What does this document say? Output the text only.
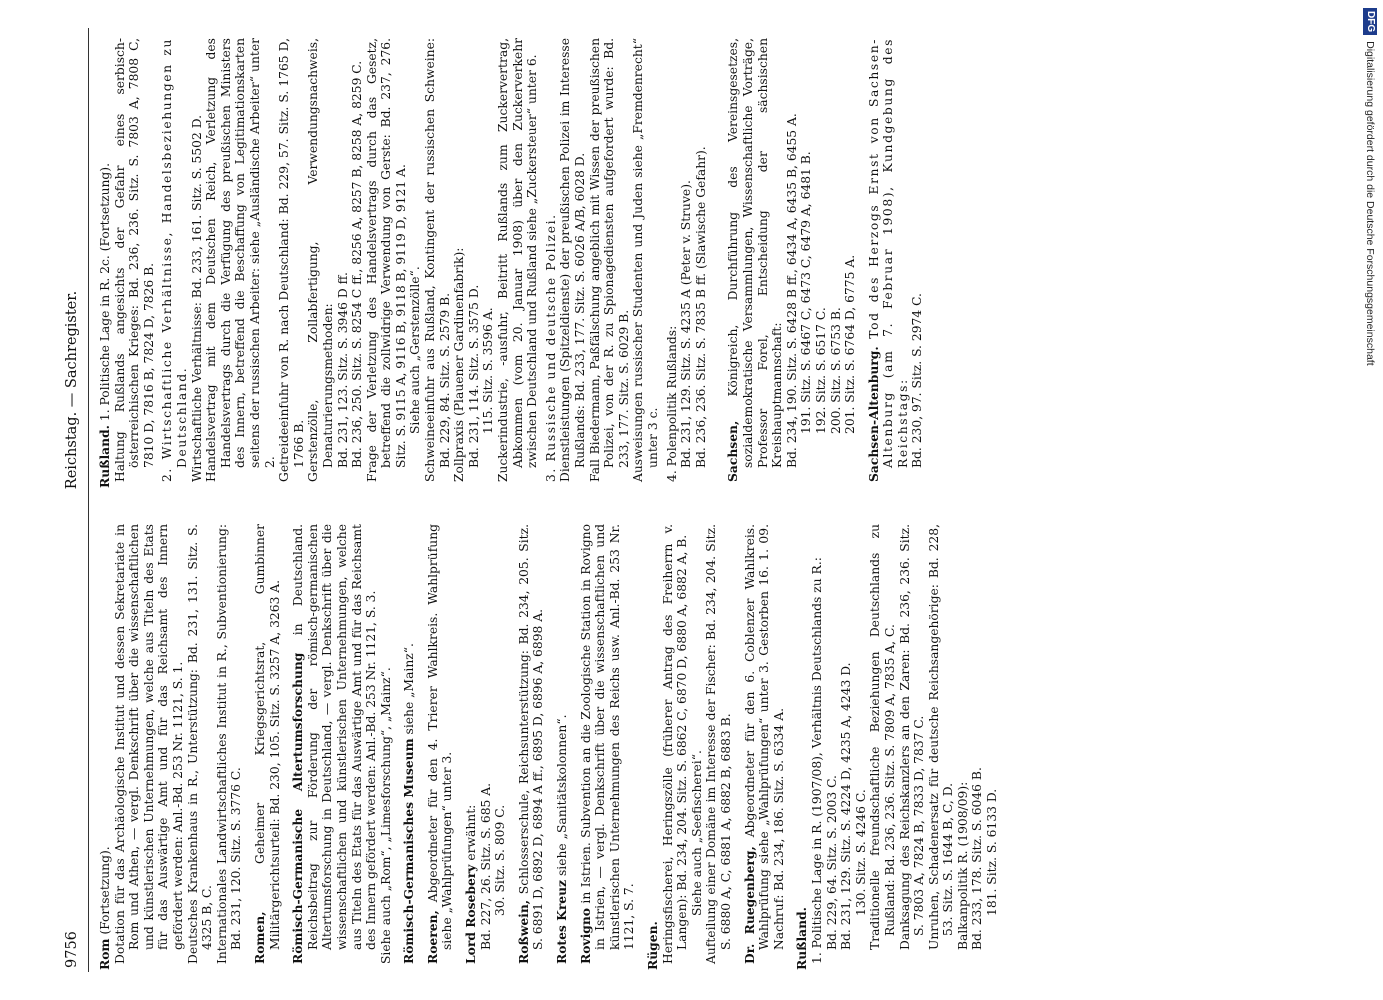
9756
Reichstag. — Sachregister.

Rom (Fortsetzung). Dotation für das Archäologische Institut und dessen Sekretariate in Rom und Athen, — vergl. Denkschrift über die wissenschaftlichen und künstlerischen Unternehmungen, welche aus Titeln des Etats für das Auswärtige Amt und für das Reichsamt des Innern gefördert werden: Anl.-Bd. 253 Nr. 1121, S. 1. Deutsches Krankenhaus in R., Unterstützung: Bd. 231, 131. Sitz. S. 4325 B, C. Internationales Landwirtschaftliches Institut in R., Subventionierung: Bd. 231, 120. Sitz. S. 3776 C. Romen, Geheimer Kriegsgerichtsrat, Gumbinner Militärgerichtsurteil: Bd. 230, 105. Sitz. S. 3257 A, 3263 A. Römisch-Germanische Altertumsforschung in Deutschland. Reichsbeitrag zur Förderung der römisch-germanischen Altertumsforschung in Deutschland, — vergl. Denkschrift über die wissenschaftlichen und künstlerischen Unternehmungen, welche aus Titeln des Etats für das Auswärtige Amt und für das Reichsamt des Innern gefördert werden: Anl.-Bd. 253 Nr. 1121, S. 3. Siehe auch „Rom“, „Limesforschung“, „Mainz“. Römisch-Germanisches Museum siehe „Mainz“.

Roeren, Abgeordneter für den 4. Trierer Wahlkreis. Wahlprüfung siehe „Wahlprüfungen“ unter 3. Lord Rosebery erwähnt: Bd. 227, 26. Sitz. S. 685 A. 30. Sitz. S. 809 C.

Roßwein, Schlosserschule, Reichsunterstützung: Bd. 234, 205. Sitz. S. 6891 D, 6892 D, 6894 A ff., 6895 D, 6896 A, 6898 A. Rotes Kreuz siehe „Sanitätskolonnen“.

Rovigno in Istrien. Subvention an die Zoologische Station in Rovigno in Istrien, — vergl. Denkschrift über die wissenschaftlichen und künstlerischen Unternehmungen des Reichs usw. Anl.-Bd. 253 Nr. 1121, S. 7. Rügen. Heringsfischerei, Heringszölle (früherer Antrag des Freiherrn v. Langen): Bd. 234, 204. Sitz. S. 6862 C, 6870 D, 6880 A, 6882 A, B. Siehe auch „Seefischerei“. Aufteilung einer Domäne im Interesse der Fischer: Bd. 234, 204. Sitz. S. 6880 A, C, 6881 A, 6882 B, 6883 B. Dr. Ruegenberg, Abgeordneter für den 6. Coblenzer Wahlkreis. Wahlprüfung siehe „Wahlprüfungen“ unter 3. Gestorben 16. 1. 09. Nachruf: Bd. 234, 186. Sitz. S. 6334 A. Rußland. 1. Politische Lage in R. (1907/08), Verhältnis Deutschlands zu R.: Bd. 229, 64. Sitz. S. 2003 C. Bd. 231, 129. Sitz. S. 4224 D, 4235 A, 4243 D. 130. Sitz. S. 4246 C. Traditionelle freundschaftliche Beziehungen Deutschlands zu Rußland: Bd. 236, 236. Sitz. S. 7809 A, 7835 A, C. Danksagung des Reichskanzlers an den Zaren: Bd. 236, 236. Sitz. S. 7803 A, 7824 B, 7833 D, 7837 C. Unruhen, Schadenersatz für deutsche Reichsangehörige: Bd. 228, 53. Sitz. S. 1644 B, C, D. Balkanpolitik R. (1908/09): Bd. 233, 178. Sitz. S. 6046 B. 181. Sitz. S. 6133 D.

Rußland. 1. Politische Lage in R. 2c. (Fortsetzung). Haltung Rußlands angesichts der Gefahr eines serbisch-österreichischen Krieges: Bd. 236, 236. Sitz. S. 7803 A, 7808 C, 7810 D, 7816 B, 7824 D, 7826 B. 2. Wirtschaftliche Verhältnisse, Handelsbeziehungen zu Deutschland. Wirtschaftliche Verhältnisse: Bd. 233, 161. Sitz. S. 5502 D. Handelsvertrag mit dem Deutschen Reich, Verletzung des Handelsvertrags durch die Verfügung des preußischen Ministers des Innern, betreffend die Beschaffung von Legitimationskarten seitens der russischen Arbeiter: siehe „Ausländische Arbeiter“ unter 2. Getreideeinfuhr von R. nach Deutschland: Bd. 229, 57. Sitz. S. 1765 D, 1766 B. Gerstenzölle, Zollabfertigung, Verwendungsnachweis, Denaturierungsmethoden: Bd. 231, 123. Sitz. S. 3946 D ff. Bd. 236, 250. Sitz. S. 8254 C ff., 8256 A, 8257 B, 8258 A, 8259 C. Frage der Verletzung des Handelsvertrags durch das Gesetz, betreffend die zollwidrige Verwendung von Gerste: Bd. 237, 276. Sitz. S. 9115 A, 9116 B, 9118 B, 9119 D, 9121 A. Siehe auch „Gerstenzölle“. Schweineeinfuhr aus Rußland, Kontingent der russischen Schweine: Bd. 229, 84. Sitz. S. 2579 B. Zollpraxis (Plauener Gardinenfabrik): Bd. 231, 114. Sitz. S. 3575 D. 115. Sitz. S. 3596 A. Zuckerindustrie, -ausfuhr, Beitritt Rußlands zum Zuckervertrag, Abkommen (vom 20. Januar 1908) über den Zuckerverkehr zwischen Deutschland und Rußland siehe „Zuckersteuer“ unter 6. 3. Russische und deutsche Polizei. Dienstleistungen (Spitzeldienste) der preußischen Polizei im Interesse Rußlands: Bd. 233, 177. Sitz. S. 6026 A/B, 6028 D. Fall Biedermann, Paßfälschung angeblich mit Wissen der preußischen Polizei, von der R. zu Spionagediensten aufgefordert wurde: Bd. 233, 177. Sitz. S. 6029 B. Ausweisungen russischer Studenten und Juden siehe „Fremdenrecht“ unter 3 c. 4. Polenpolitik Rußlands: Bd. 231, 129. Sitz. S. 4235 A (Peter v. Struve). Bd. 236, 236. Sitz. S. 7835 B ff. (Slawische Gefahr). Sachsen, Königreich, Durchführung des Vereinsgesetzes, sozialdemokratische Versammlungen, Wissenschaftliche Vorträge, Professor Forel, Entscheidung der sächsischen Kreishauptmannschaft: Bd. 234, 190. Sitz. S. 6428 B ff., 6434 A, 6435 B, 6455 A. 191. Sitz. S. 6467 C, 6473 C, 6479 A, 6481 B. 192. Sitz. S. 6517 C. 200. Sitz. S. 6753 B. 201. Sitz. S. 6764 D, 6775 A. Sachsen-Altenburg. Tod des Herzogs Ernst von Sachsen-Altenburg (am 7. Februar 1908), Kundgebung des Reichstags: Bd. 230, 97. Sitz. S. 2974 C.

DFG
Digitalisierung gefördert durch die Deutsche Forschungsgemeinschaft
